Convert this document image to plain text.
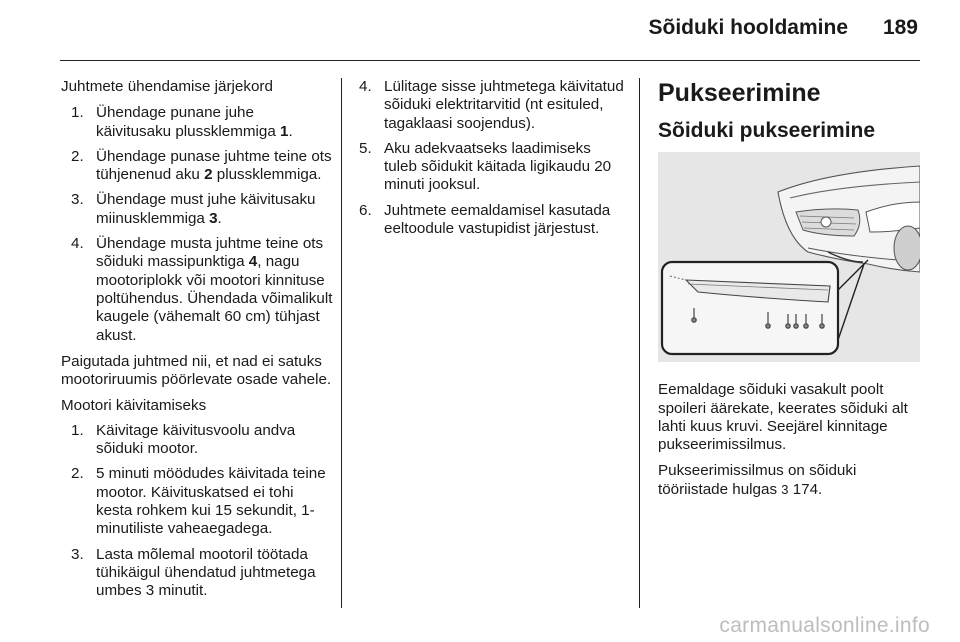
Sõiduki hooldamine 189

Juhtmete ühendamise järjekord

1. Ühendage punane juhe käivitusaku plussklemmiga 1.
2. Ühendage punase juhtme teine ots tühjenenud aku 2 plussklemmiga.
3. Ühendage must juhe käivitusaku miinusklemmiga 3.
4. Ühendage musta juhtme teine ots sõiduki massipunktiga 4, nagu mootoriplokk või mootori kinnituse poltühendus. Ühendada võimalikult kaugele (vähemalt 60 cm) tühjast akust.

Paigutada juhtmed nii, et nad ei satuks mootoriruumis pöörlevate osade vahele.

Mootori käivitamiseks

1. Käivitage käivitusvoolu andva sõiduki mootor.
2. 5 minuti möödudes käivitada teine mootor. Käivituskatsed ei tohi kesta rohkem kui 15 sekundit, 1-minutiliste vaheaegadega.
3. Lasta mõlemal mootoril töötada tühikäigul ühendatud juhtmetega umbes 3 minutit.
4. Lülitage sisse juhtmetega käivitatud sõiduki elektritarvitid (nt esituled, tagaklaasi soojendus).
5. Aku adekvaatseks laadimiseks tuleb sõidukit käitada ligikaudu 20 minuti jooksul.
6. Juhtmete eemaldamisel kasutada eeltoodule vastupidist järjestust.
Pukseerimine
Sõiduki pukseerimine

Eemaldage sõiduki vasakult poolt spoileri äärekate, keerates sõiduki alt lahti kuus kruvi. Seejärel kinnitage pukseerimissilmus.

Pukseerimissilmus on sõiduki tööriistade hulgas 3 174.

carmanualsonline.info
